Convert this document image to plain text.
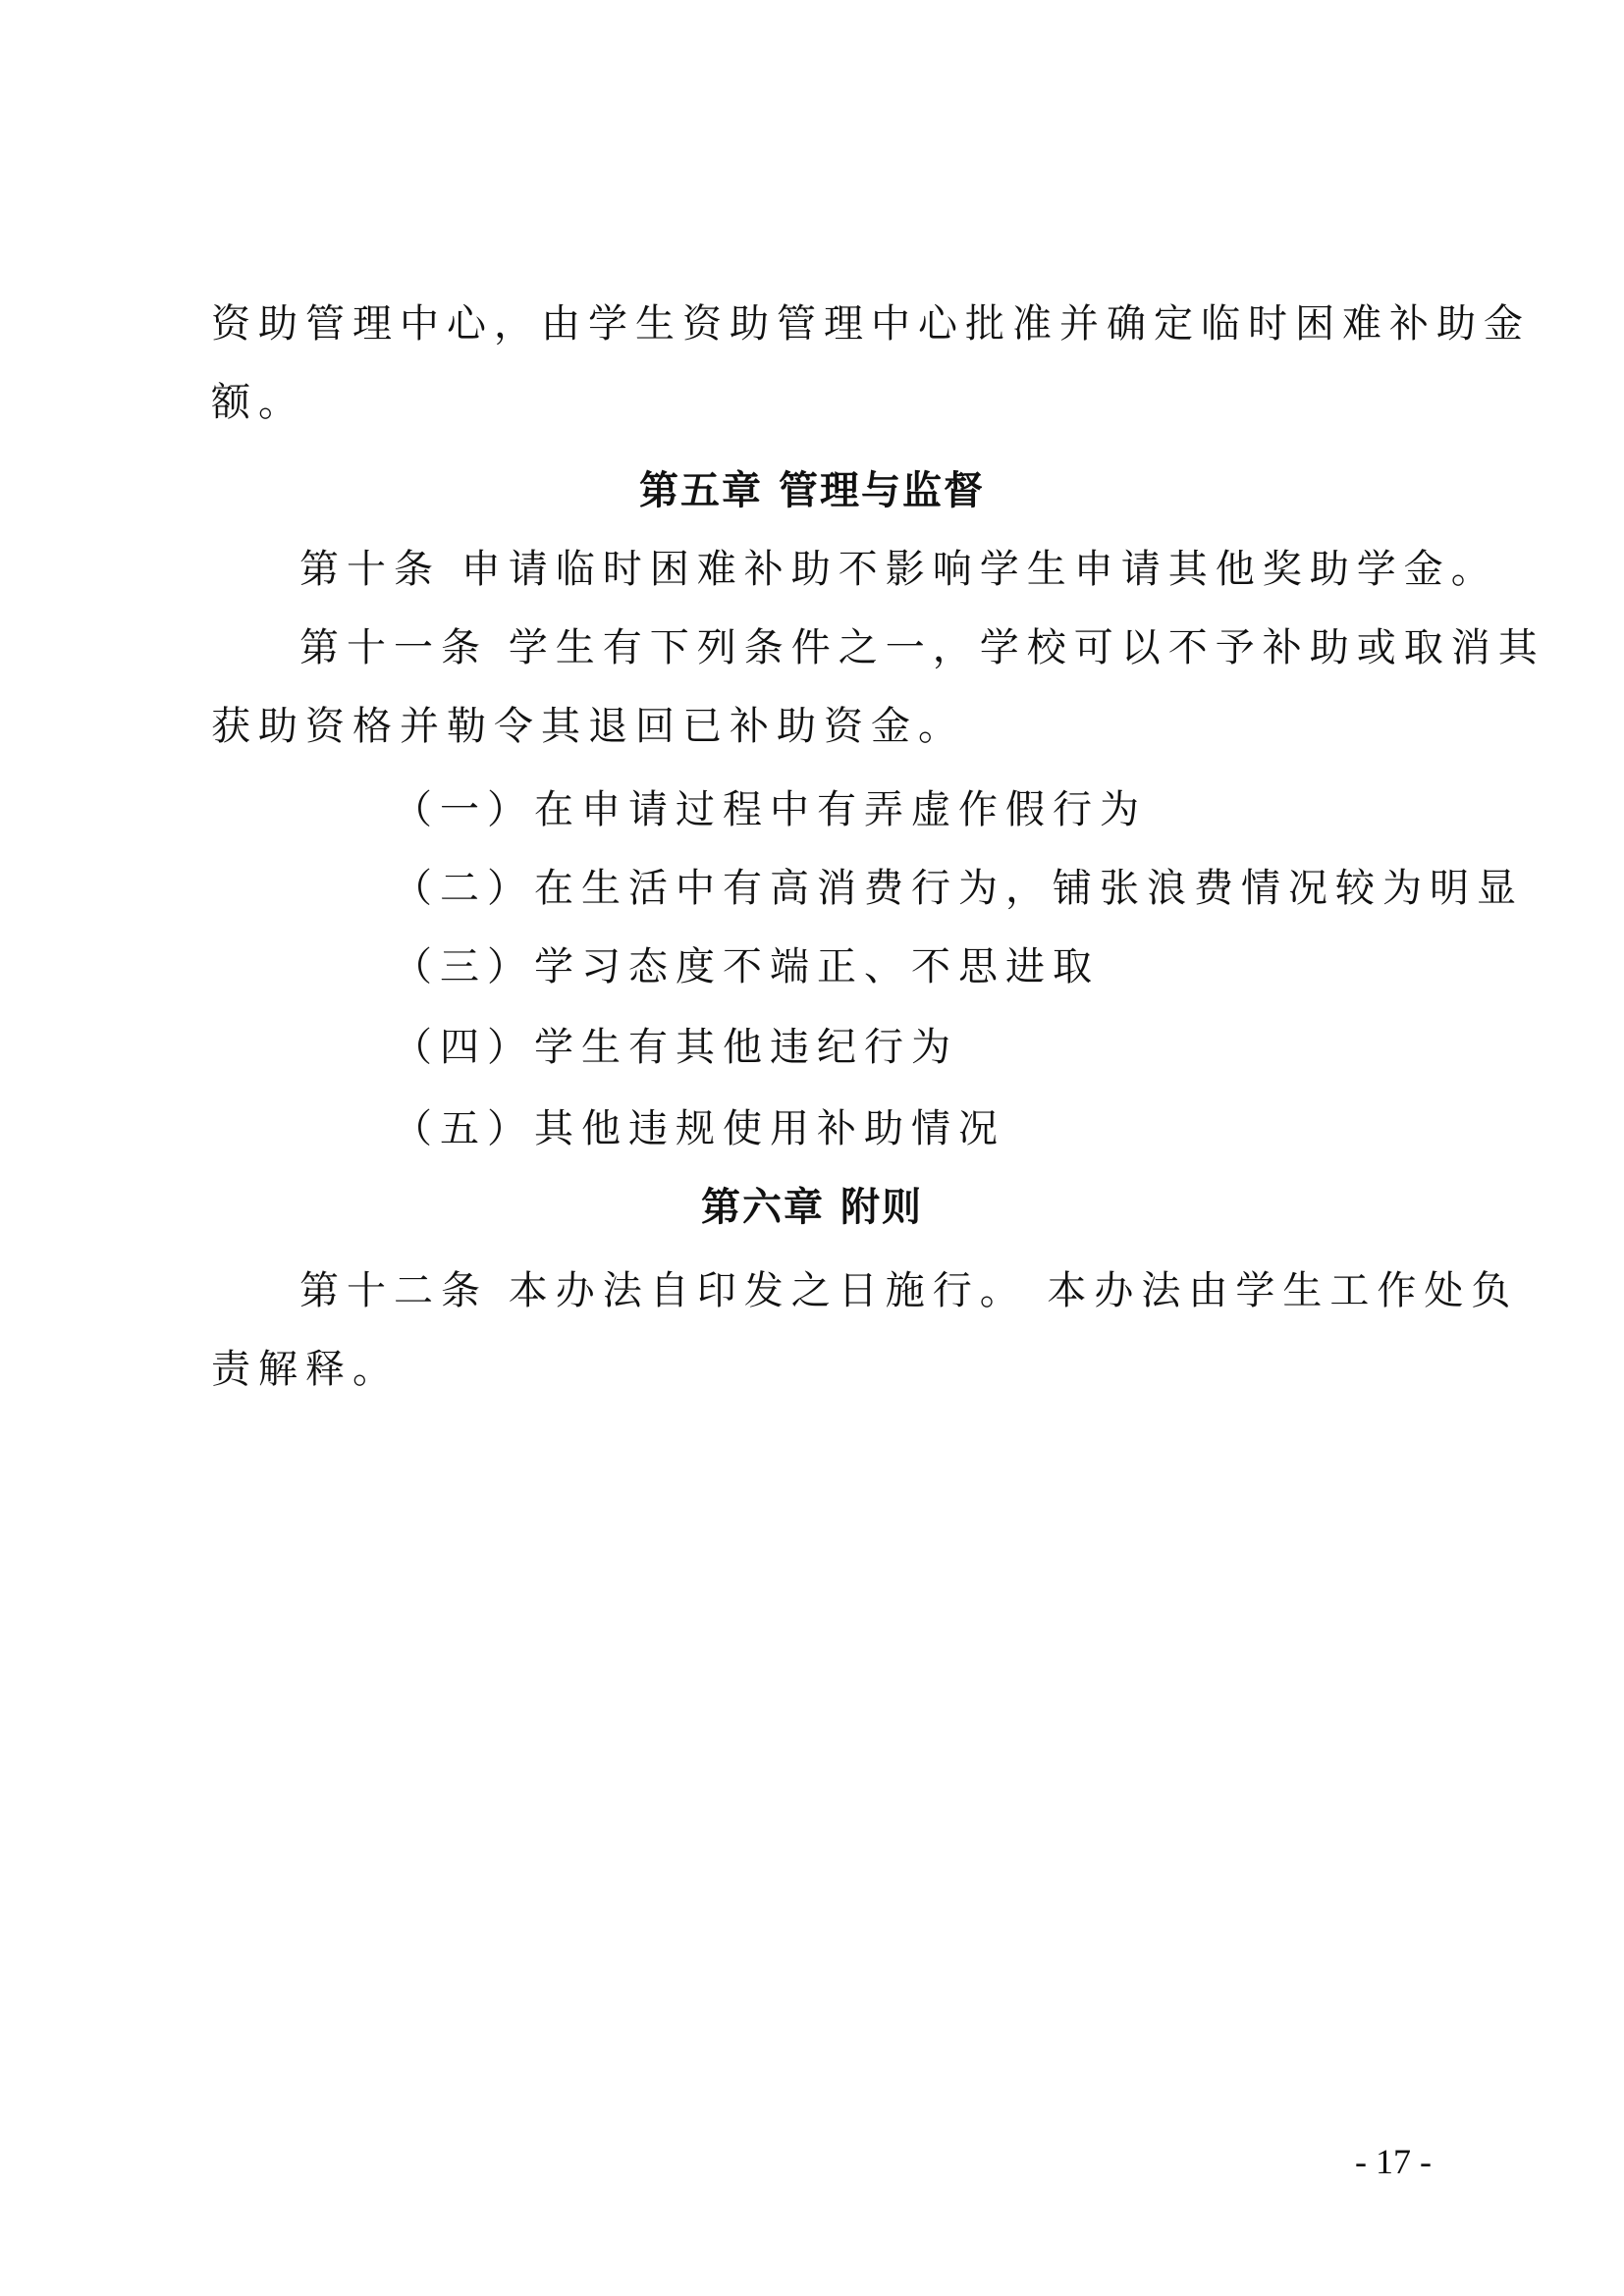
资助管理中心，由学生资助管理中心批准并确定临时困难补助金
额。
第五章 管理与监督
第十条 申请临时困难补助不影响学生申请其他奖助学金。
第十一条 学生有下列条件之一，学校可以不予补助或取消其
获助资格并勒令其退回已补助资金。
（一）在申请过程中有弄虚作假行为
（二）在生活中有高消费行为，铺张浪费情况较为明显
（三）学习态度不端正、不思进取
（四）学生有其他违纪行为
（五）其他违规使用补助情况
第六章 附则
第十二条 本办法自印发之日施行。 本办法由学生工作处负
责解释。
- 17 -
